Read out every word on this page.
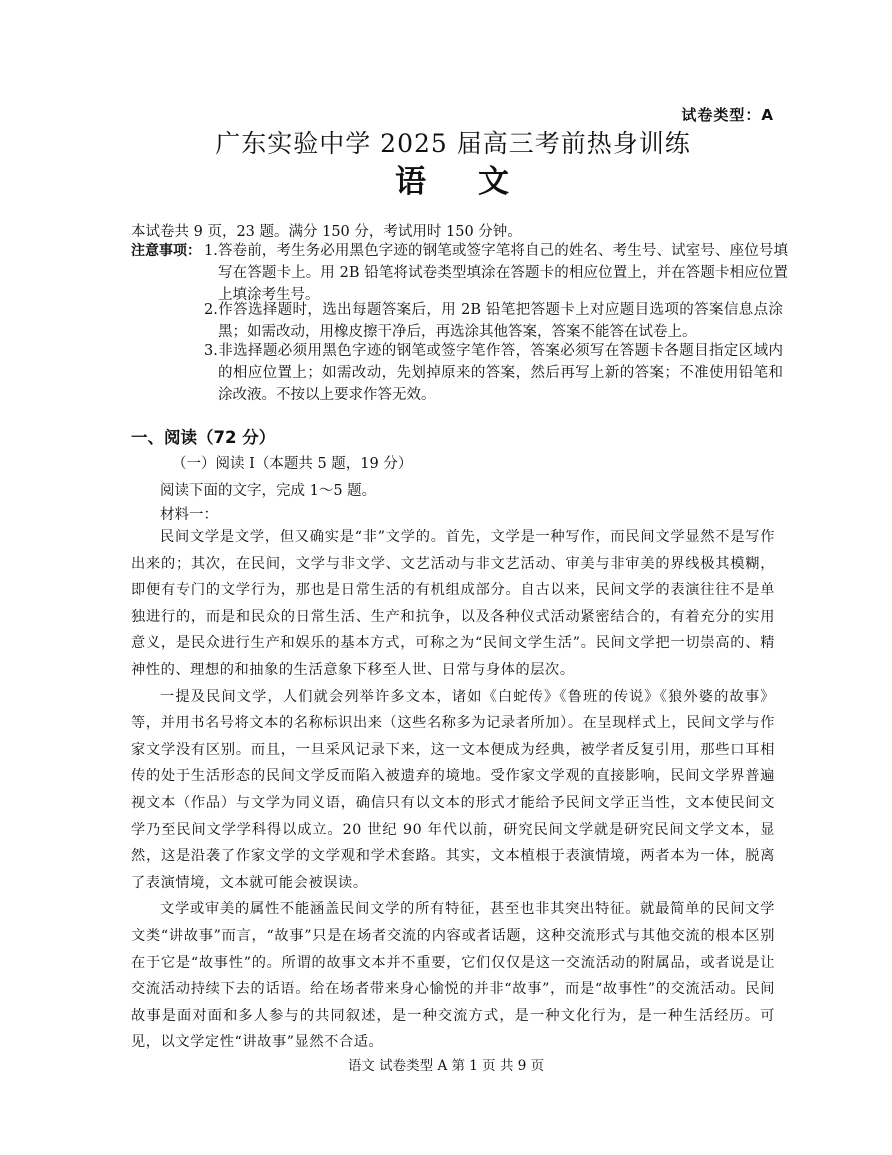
试卷类型：A
广东实验中学 2025 届高三考前热身训练
语文
本试卷共 9 页，23 题。满分 150 分，考试用时 150 分钟。
注意事项： 1.答卷前，考生务必用黑色字迹的钢笔或签字笔将自己的姓名、考生号、试室号、座位号填写在答题卡上。用 2B 铅笔将试卷类型填涂在答题卡的相应位置上，并在答题卡相应位置上填涂考生号。
2.作答选择题时，选出每题答案后，用 2B 铅笔把答题卡上对应题目选项的答案信息点涂黑；如需改动，用橡皮擦干净后，再选涂其他答案，答案不能答在试卷上。
3.非选择题必须用黑色字迹的钢笔或签字笔作答，答案必须写在答题卡各题目指定区域内的相应位置上；如需改动，先划掉原来的答案，然后再写上新的答案；不准使用铅笔和涂改液。不按以上要求作答无效。
一、阅读（72 分）
（一）阅读 I（本题共 5 题，19 分）
阅读下面的文字，完成 1～5 题。
材料一：

民间文学是文学，但又确实是“非”文学的。首先，文学是一种写作，而民间文学显然不是写作出来的；其次，在民间，文学与非文学、文艺活动与非文艺活动、审美与非审美的界线极其模糊，即便有专门的文学行为，那也是日常生活的有机组成部分。自古以来，民间文学的表演往往不是单独进行的，而是和民众的日常生活、生产和抗争，以及各种仪式活动紧密结合的，有着充分的实用意义，是民众进行生产和娱乐的基本方式，可称之为“民间文学生活”。民间文学把一切崇高的、精神性的、理想的和抽象的生活意象下移至人世、日常与身体的层次。

一提及民间文学，人们就会列举许多文本，诸如《白蛇传》《鲁班的传说》《狼外婆的故事》等，并用书名号将文本的名称标识出来（这些名称多为记录者所加）。在呈现样式上，民间文学与作家文学没有区别。而且，一旦采风记录下来，这一文本便成为经典，被学者反复引用，那些口耳相传的处于生活形态的民间文学反而陷入被遗弃的境地。受作家文学观的直接影响，民间文学界普遍视文本（作品）与文学为同义语，确信只有以文本的形式才能给予民间文学正当性，文本使民间文学乃至民间文学学科得以成立。20 世纪 90 年代以前，研究民间文学就是研究民间文学文本，显然，这是沿袭了作家文学的文学观和学术套路。其实，文本植根于表演情境，两者本为一体，脱离了表演情境，文本就可能会被误读。

文学或审美的属性不能涵盖民间文学的所有特征，甚至也非其突出特征。就最简单的民间文学文类“讲故事”而言，“故事”只是在场者交流的内容或者话题，这种交流形式与其他交流的根本区别在于它是“故事性”的。所谓的故事文本并不重要，它们仅仅是这一交流活动的附属品，或者说是让交流活动持续下去的话语。给在场者带来身心愉悦的并非“故事”，而是“故事性”的交流活动。民间故事是面对面和多人参与的共同叙述，是一种交流方式，是一种文化行为，是一种生活经历。可见，以文学定性“讲故事”显然不合适。

语文 试卷类型 A 第 1 页 共 9 页
